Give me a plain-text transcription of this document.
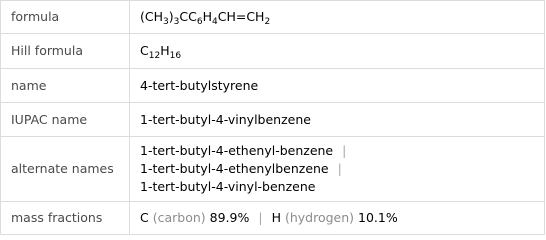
formula	$(CH_3)_3CC_6H_4CH=CH_2$
Hill formula	$C_{12}H_{16}$
name	4-tert-butylstyrene
IUPAC name	1-tert-butyl-4-vinylbenzene
alternate names	1-tert-butyl-4-ethenyl-benzene |
1-tert-butyl-4-ethenylbenzene |
1-tert-butyl-4-vinyl-benzene

mass fractions	C (carbon) 89.9% | H (hydrogen) 10.1%
